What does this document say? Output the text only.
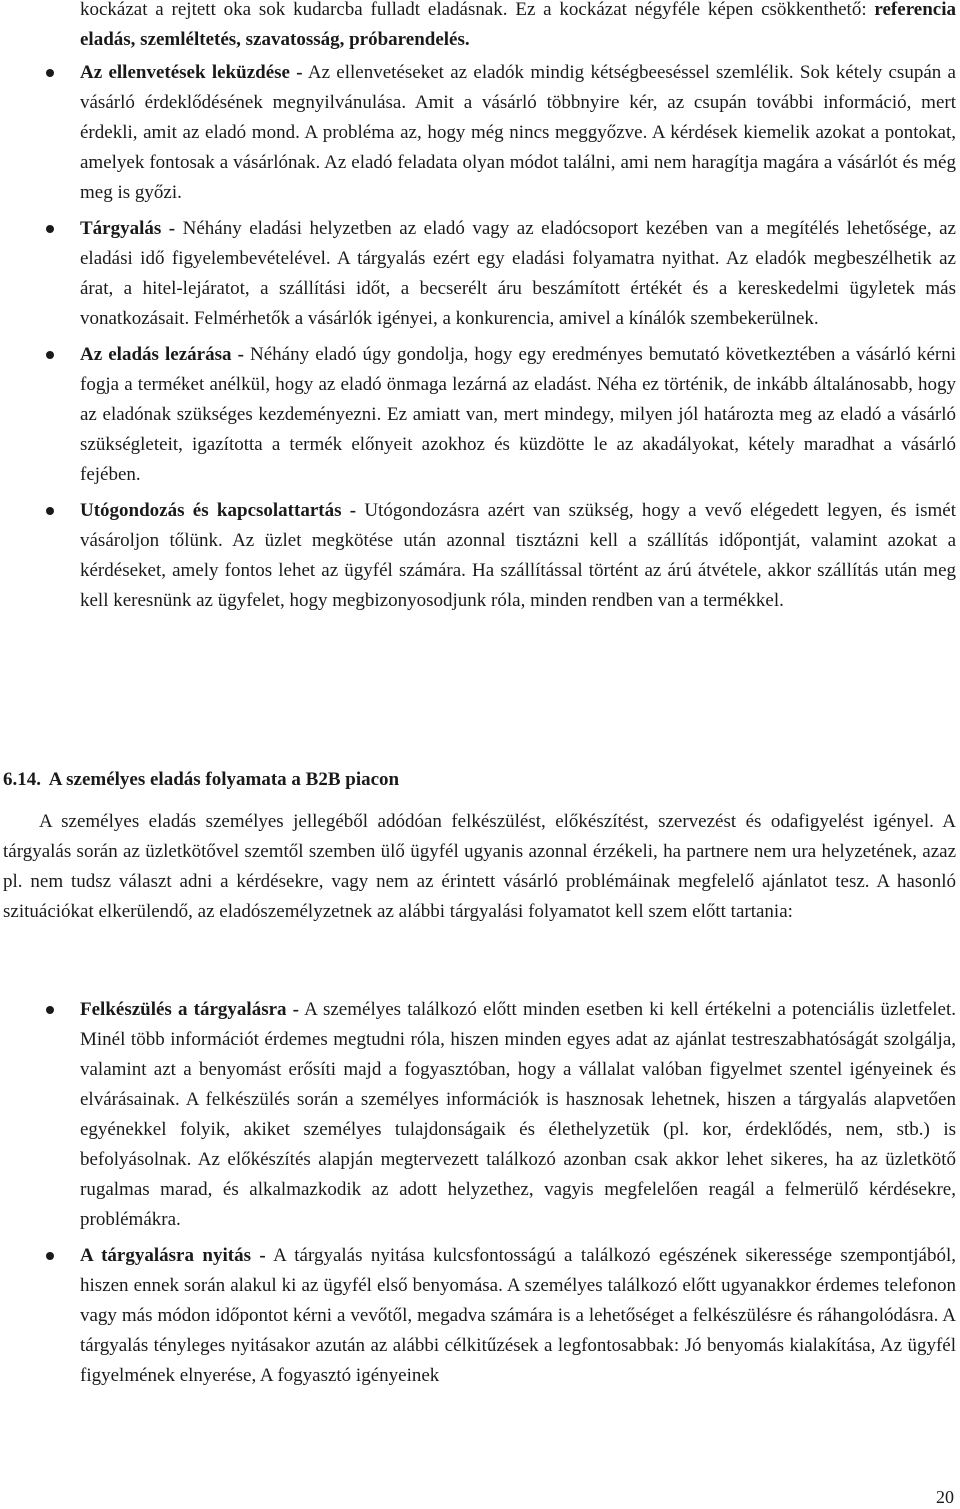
kockázat a rejtett oka sok kudarcba fulladt eladásnak. Ez a kockázat négyféle képen csökkenthető: referencia eladás, szemléltetés, szavatosság, próbarendelés.
Az ellenvetések leküzdése - Az ellenvetéseket az eladók mindig kétségbeeséssel szemlélik. Sok kétely csupán a vásárló érdeklődésének megnyilvánulása. Amit a vásárló többnyire kér, az csupán további információ, mert érdekli, amit az eladó mond. A probléma az, hogy még nincs meggyőzve. A kérdések kiemelik azokat a pontokat, amelyek fontosak a vásárlónak. Az eladó feladata olyan módot találni, ami nem haragítja magára a vásárlót és még meg is győzi.
Tárgyalás - Néhány eladási helyzetben az eladó vagy az eladócsoport kezében van a megítélés lehetősége, az eladási idő figyelembevételével. A tárgyalás ezért egy eladási folyamatra nyithat. Az eladók megbeszélhetik az árat, a hitel-lejáratot, a szállítási időt, a becserélt áru beszámított értékét és a kereskedelmi ügyletek más vonatkozásait. Felmérhetők a vásárlók igényei, a konkurencia, amivel a kínálók szembekerülnek.
Az eladás lezárása - Néhány eladó úgy gondolja, hogy egy eredményes bemutató következtében a vásárló kérni fogja a terméket anélkül, hogy az eladó önmaga lezárná az eladást. Néha ez történik, de inkább általánosabb, hogy az eladónak szükséges kezdeményezni. Ez amiatt van, mert mindegy, milyen jól határozta meg az eladó a vásárló szükségleteit, igazította a termék előnyeit azokhoz és küzdötte le az akadályokat, kétely maradhat a vásárló fejében.
Utógondozás és kapcsolattartás - Utógondozásra azért van szükség, hogy a vevő elégedett legyen, és ismét vásároljon tőlünk. Az üzlet megkötése után azonnal tisztázni kell a szállítás időpontját, valamint azokat a kérdéseket, amely fontos lehet az ügyfél számára. Ha szállítással történt az árú átvétele, akkor szállítás után meg kell keresnünk az ügyfelet, hogy megbizonyosodjunk róla, minden rendben van a termékkel.
6.14. A személyes eladás folyamata a B2B piacon
A személyes eladás személyes jellegéből adódóan felkészülést, előkészítést, szervezést és odafigyelést igényel. A tárgyalás során az üzletkötővel szemtől szemben ülő ügyfél ugyanis azonnal érzékeli, ha partnere nem ura helyzetének, azaz pl. nem tudsz választ adni a kérdésekre, vagy nem az érintett vásárló problémáinak megfelelő ajánlatot tesz. A hasonló szituációkat elkerülendő, az eladószemélyzetnek az alábbi tárgyalási folyamatot kell szem előtt tartania:
Felkészülés a tárgyalásra - A személyes találkozó előtt minden esetben ki kell értékelni a potenciális üzletfelet. Minél több információt érdemes megtudni róla, hiszen minden egyes adat az ajánlat testreszabhatóságát szolgálja, valamint azt a benyomást erősíti majd a fogyasztóban, hogy a vállalat valóban figyelmet szentel igényeinek és elvárásainak. A felkészülés során a személyes információk is hasznosak lehetnek, hiszen a tárgyalás alapvetően egyénekkel folyik, akiket személyes tulajdonságaik és élethelyzetük (pl. kor, érdeklődés, nem, stb.) is befolyásolnak. Az előkészítés alapján megtervezett találkozó azonban csak akkor lehet sikeres, ha az üzletkötő rugalmas marad, és alkalmazkodik az adott helyzethez, vagyis megfelelően reagál a felmerülő kérdésekre, problémákra.
A tárgyalásra nyitás - A tárgyalás nyitása kulcsfontosságú a találkozó egészének sikeressége szempontjából, hiszen ennek során alakul ki az ügyfél első benyomása. A személyes találkozó előtt ugyanakkor érdemes telefonon vagy más módon időpontot kérni a vevőtől, megadva számára is a lehetőséget a felkészülésre és ráhangolódásra. A tárgyalás tényleges nyitásakor azután az alábbi célkitűzések a legfontosabbak: Jó benyomás kialakítása, Az ügyfél figyelmének elnyerése, A fogyasztó igényeinek
20
